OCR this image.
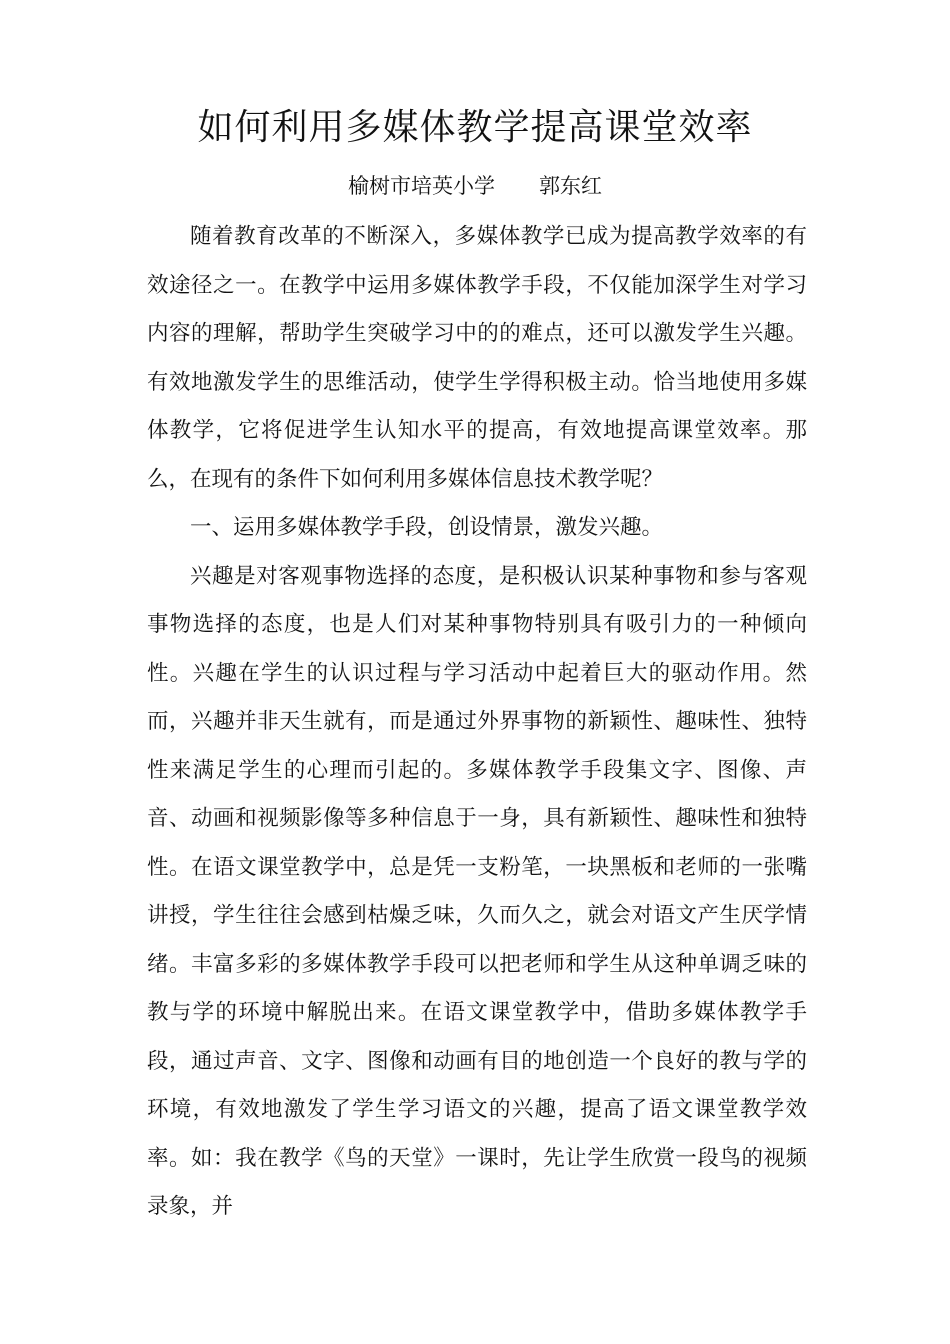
如何利用多媒体教学提高课堂效率
榆树市培英小学 郭东红

随着教育改革的不断深入，多媒体教学已成为提高教学效率的有效途径之一。在教学中运用多媒体教学手段，不仅能加深学生对学习内容的理解，帮助学生突破学习中的的难点，还可以激发学生兴趣。有效地激发学生的思维活动，使学生学得积极主动。恰当地使用多媒体教学，它将促进学生认知水平的提高，有效地提高课堂效率。那么，在现有的条件下如何利用多媒体信息技术教学呢？

一、运用多媒体教学手段，创设情景，激发兴趣。

兴趣是对客观事物选择的态度，是积极认识某种事物和参与客观事物选择的态度，也是人们对某种事物特别具有吸引力的一种倾向性。兴趣在学生的认识过程与学习活动中起着巨大的驱动作用。然而，兴趣并非天生就有，而是通过外界事物的新颖性、趣味性、独特性来满足学生的心理而引起的。多媒体教学手段集文字、图像、声音、动画和视频影像等多种信息于一身，具有新颖性、趣味性和独特性。在语文课堂教学中，总是凭一支粉笔，一块黑板和老师的一张嘴讲授，学生往往会感到枯燥乏味，久而久之，就会对语文产生厌学情绪。丰富多彩的多媒体教学手段可以把老师和学生从这种单调乏味的教与学的环境中解脱出来。在语文课堂教学中，借助多媒体教学手段，通过声音、文字、图像和动画有目的地创造一个良好的教与学的环境，有效地激发了学生学习语文的兴趣，提高了语文课堂教学效率。如：我在教学《鸟的天堂》一课时，先让学生欣赏一段鸟的视频录象，并
